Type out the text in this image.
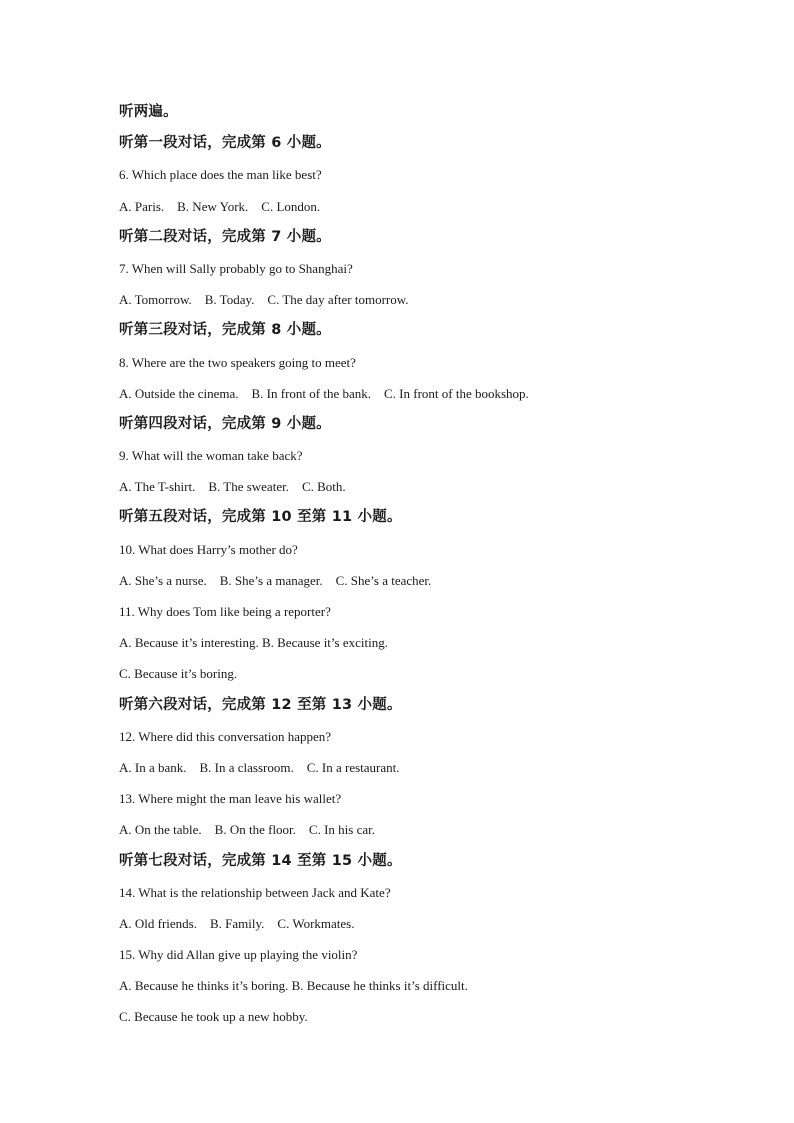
听两遍。
听第一段对话，完成第 6 小题。
6. Which place does the man like best?
A. Paris.    B. New York.    C. London.
听第二段对话，完成第 7 小题。
7. When will Sally probably go to Shanghai?
A. Tomorrow.    B. Today.    C. The day after tomorrow.
听第三段对话，完成第 8 小题。
8. Where are the two speakers going to meet?
A. Outside the cinema.    B. In front of the bank.    C. In front of the bookshop.
听第四段对话，完成第 9 小题。
9. What will the woman take back?
A. The T-shirt.    B. The sweater.    C. Both.
听第五段对话，完成第 10 至第 11 小题。
10. What does Harry’s mother do?
A. She’s a nurse.    B. She’s a manager.    C. She’s a teacher.
11. Why does Tom like being a reporter?
A. Because it’s interesting. B. Because it’s exciting.
C. Because it’s boring.
听第六段对话，完成第 12 至第 13 小题。
12. Where did this conversation happen?
A. In a bank.    B. In a classroom.    C. In a restaurant.
13. Where might the man leave his wallet?
A. On the table.    B. On the floor.    C. In his car.
听第七段对话，完成第 14 至第 15 小题。
14. What is the relationship between Jack and Kate?
A. Old friends.    B. Family.    C. Workmates.
15. Why did Allan give up playing the violin?
A. Because he thinks it’s boring. B. Because he thinks it’s difficult.
C. Because he took up a new hobby.
